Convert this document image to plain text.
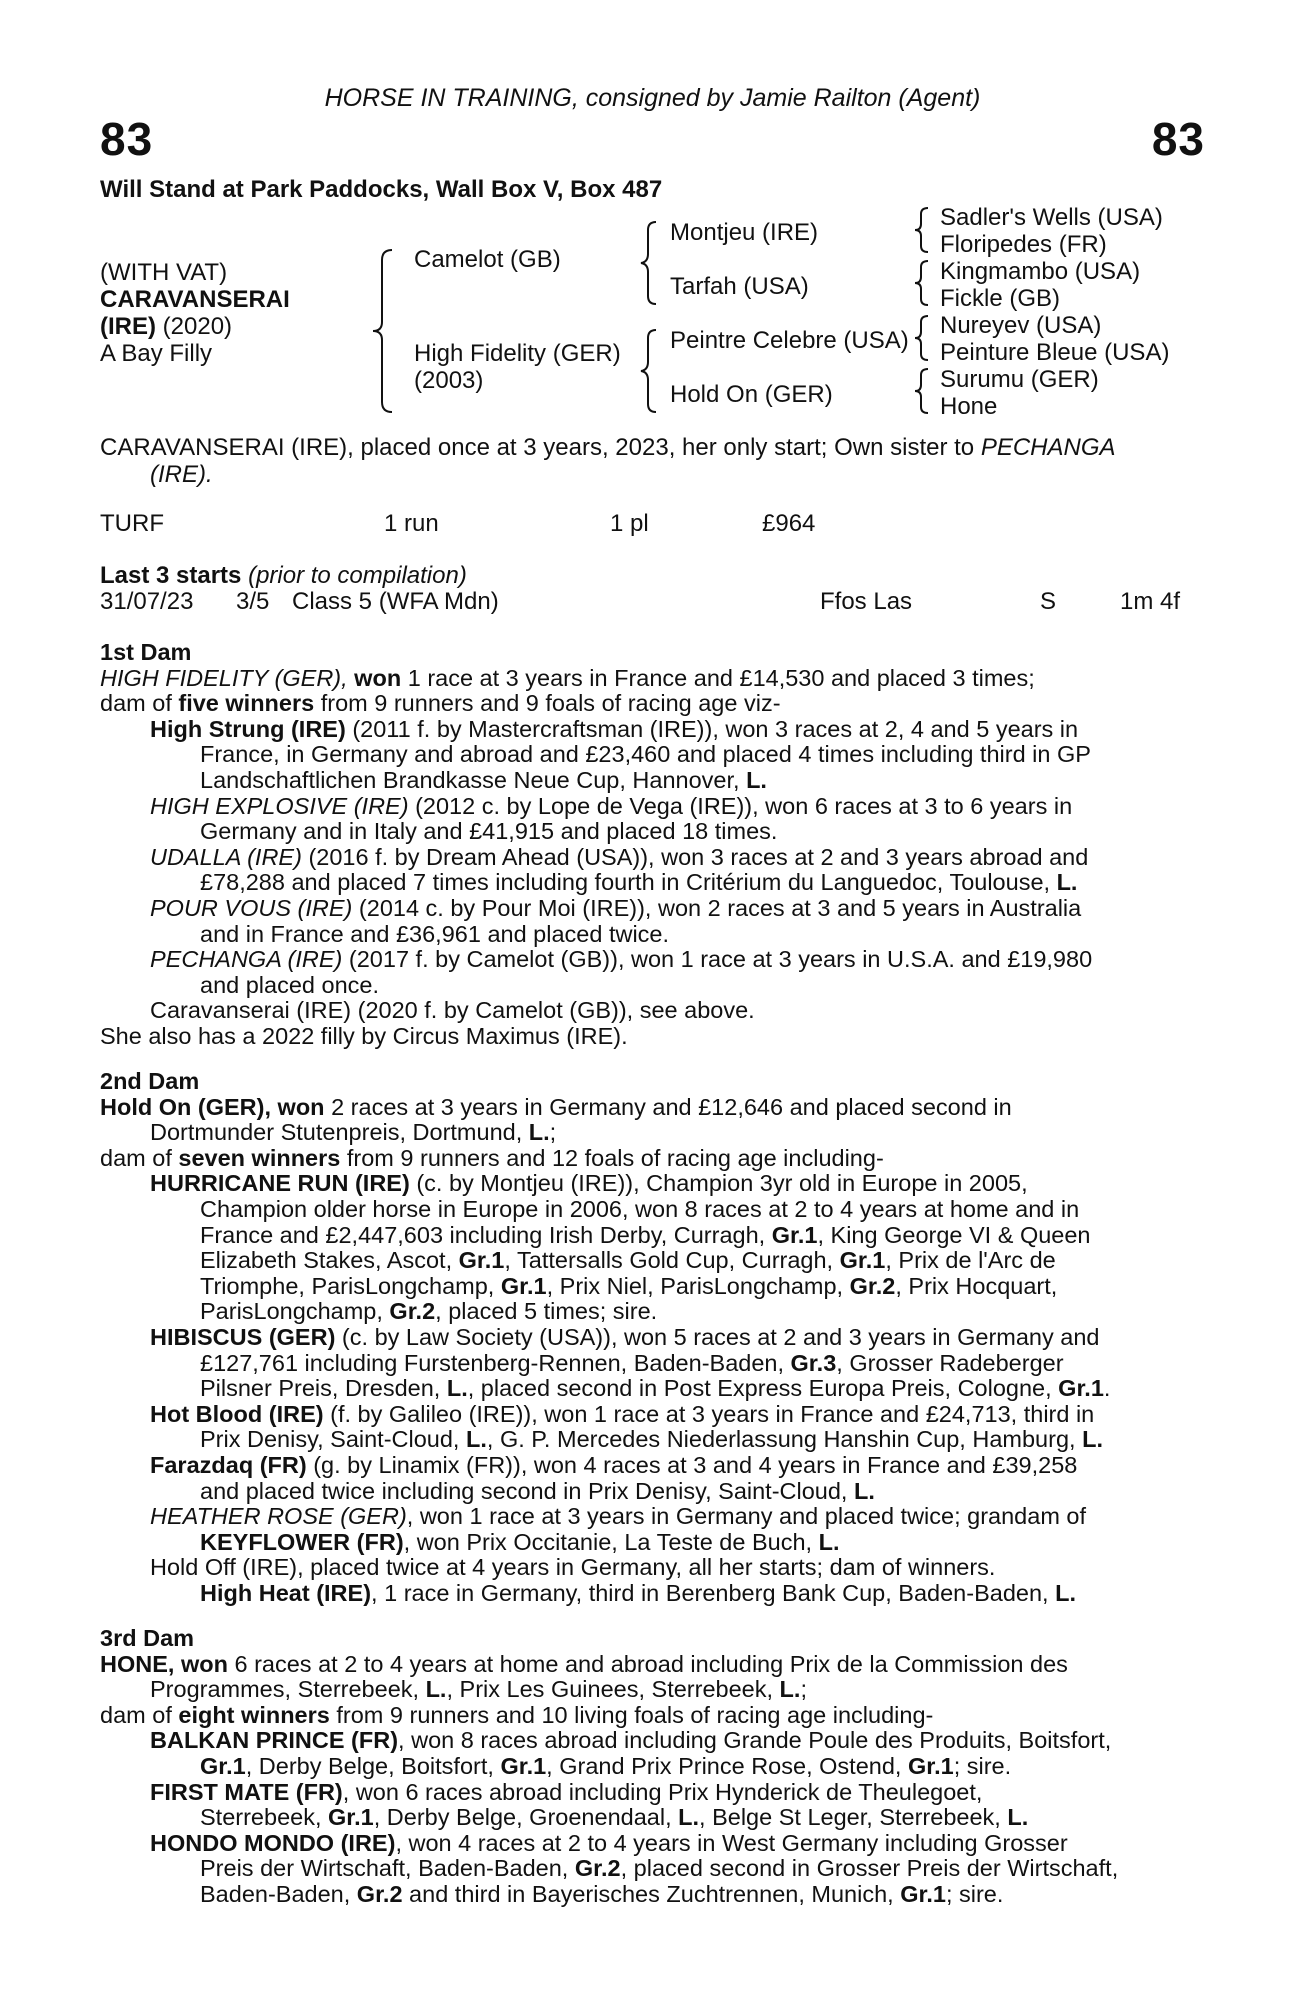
HORSE IN TRAINING, consigned by Jamie Railton (Agent)
83	83
Will Stand at Park Paddocks, Wall Box V, Box 487
(WITH VAT)
CARAVANSERAI
(IRE) (2020)
A Bay Filly
Camelot (GB)
High Fidelity (GER)
(2003)
Montjeu (IRE)
Tarfah (USA)
Peintre Celebre (USA)
Hold On (GER)
Sadler's Wells (USA)
Floripedes (FR)
Kingmambo (USA)
Fickle (GB)
Nureyev (USA)
Peinture Bleue (USA)
Surumu (GER)
Hone
CARAVANSERAI (IRE), placed once at 3 years, 2023, her only start; Own sister to PECHANGA
(IRE).
TURF	1 run	1 pl	£964
Last 3 starts (prior to compilation)
31/07/23 3/5 Class 5 (WFA Mdn)	Ffos Las	S	1m 4f
1st Dam
HIGH FIDELITY (GER), won 1 race at 3 years in France and £14,530 and placed 3 times;
dam of five winners from 9 runners and 9 foals of racing age viz-
High Strung (IRE) (2011 f. by Mastercraftsman (IRE)), won 3 races at 2, 4 and 5 years in
France, in Germany and abroad and £23,460 and placed 4 times including third in GP
Landschaftlichen Brandkasse Neue Cup, Hannover, L.
HIGH EXPLOSIVE (IRE) (2012 c. by Lope de Vega (IRE)), won 6 races at 3 to 6 years in
Germany and in Italy and £41,915 and placed 18 times.
UDALLA (IRE) (2016 f. by Dream Ahead (USA)), won 3 races at 2 and 3 years abroad and
£78,288 and placed 7 times including fourth in Critérium du Languedoc, Toulouse, L.
POUR VOUS (IRE) (2014 c. by Pour Moi (IRE)), won 2 races at 3 and 5 years in Australia
and in France and £36,961 and placed twice.
PECHANGA (IRE) (2017 f. by Camelot (GB)), won 1 race at 3 years in U.S.A. and £19,980
and placed once.
Caravanserai (IRE) (2020 f. by Camelot (GB)), see above.
She also has a 2022 filly by Circus Maximus (IRE).
2nd Dam
Hold On (GER), won 2 races at 3 years in Germany and £12,646 and placed second in
Dortmunder Stutenpreis, Dortmund, L.;
dam of seven winners from 9 runners and 12 foals of racing age including-
HURRICANE RUN (IRE) (c. by Montjeu (IRE)), Champion 3yr old in Europe in 2005,
Champion older horse in Europe in 2006, won 8 races at 2 to 4 years at home and in
France and £2,447,603 including Irish Derby, Curragh, Gr.1, King George VI & Queen
Elizabeth Stakes, Ascot, Gr.1, Tattersalls Gold Cup, Curragh, Gr.1, Prix de l'Arc de
Triomphe, ParisLongchamp, Gr.1, Prix Niel, ParisLongchamp, Gr.2, Prix Hocquart,
ParisLongchamp, Gr.2, placed 5 times; sire.
HIBISCUS (GER) (c. by Law Society (USA)), won 5 races at 2 and 3 years in Germany and
£127,761 including Furstenberg-Rennen, Baden-Baden, Gr.3, Grosser Radeberger
Pilsner Preis, Dresden, L., placed second in Post Express Europa Preis, Cologne, Gr.1.
Hot Blood (IRE) (f. by Galileo (IRE)), won 1 race at 3 years in France and £24,713, third in
Prix Denisy, Saint-Cloud, L., G. P. Mercedes Niederlassung Hanshin Cup, Hamburg, L.
Farazdaq (FR) (g. by Linamix (FR)), won 4 races at 3 and 4 years in France and £39,258
and placed twice including second in Prix Denisy, Saint-Cloud, L.
HEATHER ROSE (GER), won 1 race at 3 years in Germany and placed twice; grandam of
KEYFLOWER (FR), won Prix Occitanie, La Teste de Buch, L.
Hold Off (IRE), placed twice at 4 years in Germany, all her starts; dam of winners.
High Heat (IRE), 1 race in Germany, third in Berenberg Bank Cup, Baden-Baden, L.
3rd Dam
HONE, won 6 races at 2 to 4 years at home and abroad including Prix de la Commission des
Programmes, Sterrebeek, L., Prix Les Guinees, Sterrebeek, L.;
dam of eight winners from 9 runners and 10 living foals of racing age including-
BALKAN PRINCE (FR), won 8 races abroad including Grande Poule des Produits, Boitsfort,
Gr.1, Derby Belge, Boitsfort, Gr.1, Grand Prix Prince Rose, Ostend, Gr.1; sire.
FIRST MATE (FR), won 6 races abroad including Prix Hynderick de Theulegoet,
Sterrebeek, Gr.1, Derby Belge, Groenendaal, L., Belge St Leger, Sterrebeek, L.
HONDO MONDO (IRE), won 4 races at 2 to 4 years in West Germany including Grosser
Preis der Wirtschaft, Baden-Baden, Gr.2, placed second in Grosser Preis der Wirtschaft,
Baden-Baden, Gr.2 and third in Bayerisches Zuchtrennen, Munich, Gr.1; sire.
